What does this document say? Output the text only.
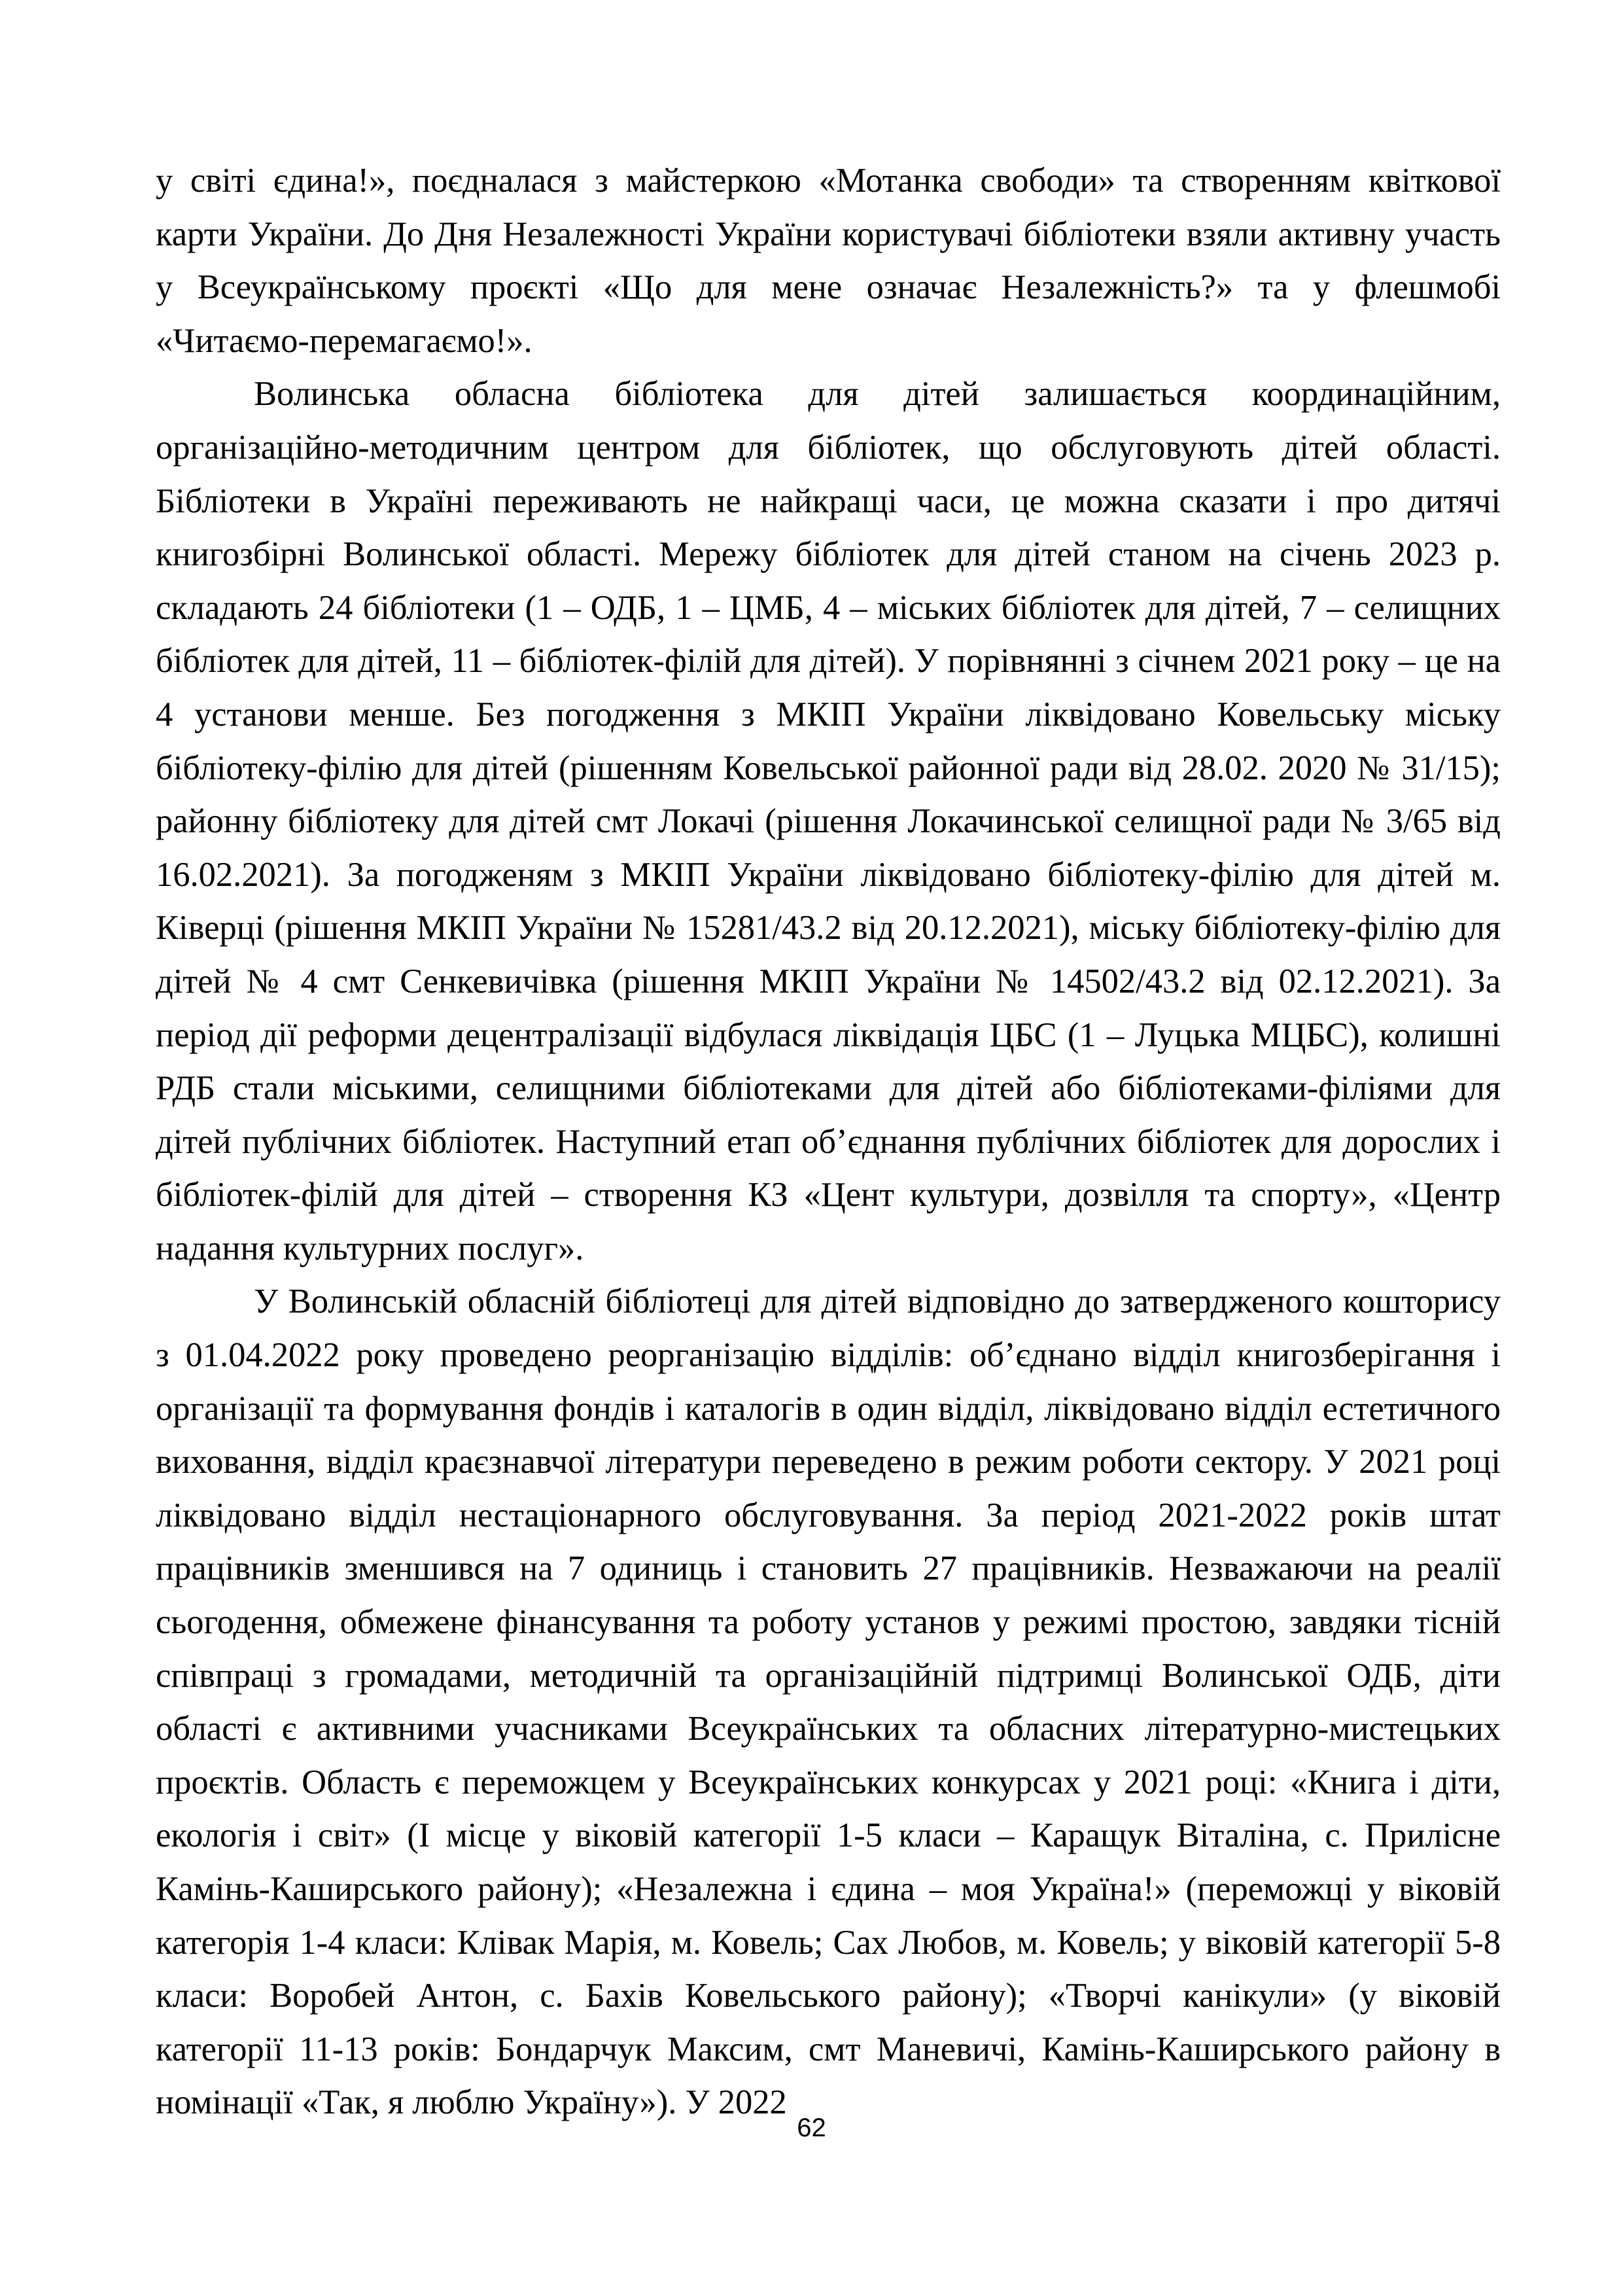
у світі єдина!», поєдналася з майстеркою «Мотанка свободи» та створенням квіткової карти України. До Дня Незалежності України користувачі бібліотеки взяли активну участь у Всеукраїнському проєкті «Що для мене означає Незалежність?» та у флешмобі «Читаємо-перемагаємо!».

Волинська обласна бібліотека для дітей залишається координаційним, організаційно-методичним центром для бібліотек, що обслуговують дітей області. Бібліотеки в Україні переживають не найкращі часи, це можна сказати і про дитячі книгозбірні Волинської області. Мережу бібліотек для дітей станом на січень 2023 р. складають 24 бібліотеки (1 – ОДБ, 1 – ЦМБ, 4 – міських бібліотек для дітей, 7 – селищних бібліотек для дітей, 11 – бібліотек-філій для дітей). У порівнянні з січнем 2021 року – це на 4 установи менше. Без погодження з МКІП України ліквідовано Ковельську міську бібліотеку-філію для дітей (рішенням Ковельської районної ради від 28.02. 2020 № 31/15); районну бібліотеку для дітей смт Локачі (рішення Локачинської селищної ради № 3/65 від 16.02.2021). За погодженям з МКІП України ліквідовано бібліотеку-філію для дітей м. Ківерці (рішення МКІП України № 15281/43.2 від 20.12.2021), міську бібліотеку-філію для дітей № 4 смт Сенкевичівка (рішення МКІП України № 14502/43.2 від 02.12.2021). За період дії реформи децентралізації відбулася ліквідація ЦБС (1 – Луцька МЦБС), колишні РДБ стали міськими, селищними бібліотеками для дітей або бібліотеками-філіями для дітей публічних бібліотек. Наступний етап об’єднання публічних бібліотек для дорослих і бібліотек-філій для дітей – створення КЗ «Цент культури, дозвілля та спорту», «Центр надання культурних послуг».

У Волинській обласній бібліотеці для дітей відповідно до затвердженого кошторису з 01.04.2022 року проведено реорганізацію відділів: об’єднано відділ книгозберігання і організації та формування фондів і каталогів в один відділ, ліквідовано відділ естетичного виховання, відділ краєзнавчої літератури переведено в режим роботи сектору. У 2021 році ліквідовано відділ нестаціонарного обслуговування. За період 2021-2022 років штат працівників зменшився на 7 одиниць і становить 27 працівників. Незважаючи на реалії сьогодення, обмежене фінансування та роботу установ у режимі простою, завдяки тісній співпраці з громадами, методичній та організаційній підтримці Волинської ОДБ, діти області є активними учасниками Всеукраїнських та обласних літературно-мистецьких проєктів. Область є переможцем у Всеукраїнських конкурсах у 2021 році: «Книга і діти, екологія і світ» (І місце у віковій категорії 1-5 класи – Каращук Віталіна, с. Прилісне Камінь-Каширського району); «Незалежна і єдина – моя Україна!» (переможці у віковій категорія 1-4 класи: Клівак Марія, м. Ковель; Сах Любов, м. Ковель; у віковій категорії 5-8 класи: Воробей Антон, с. Бахів Ковельського району); «Творчі канікули» (у віковій категорії 11-13 років: Бондарчук Максим, смт Маневичі, Камінь-Каширського району в номінації «Так, я люблю Україну»). У 2022

62
